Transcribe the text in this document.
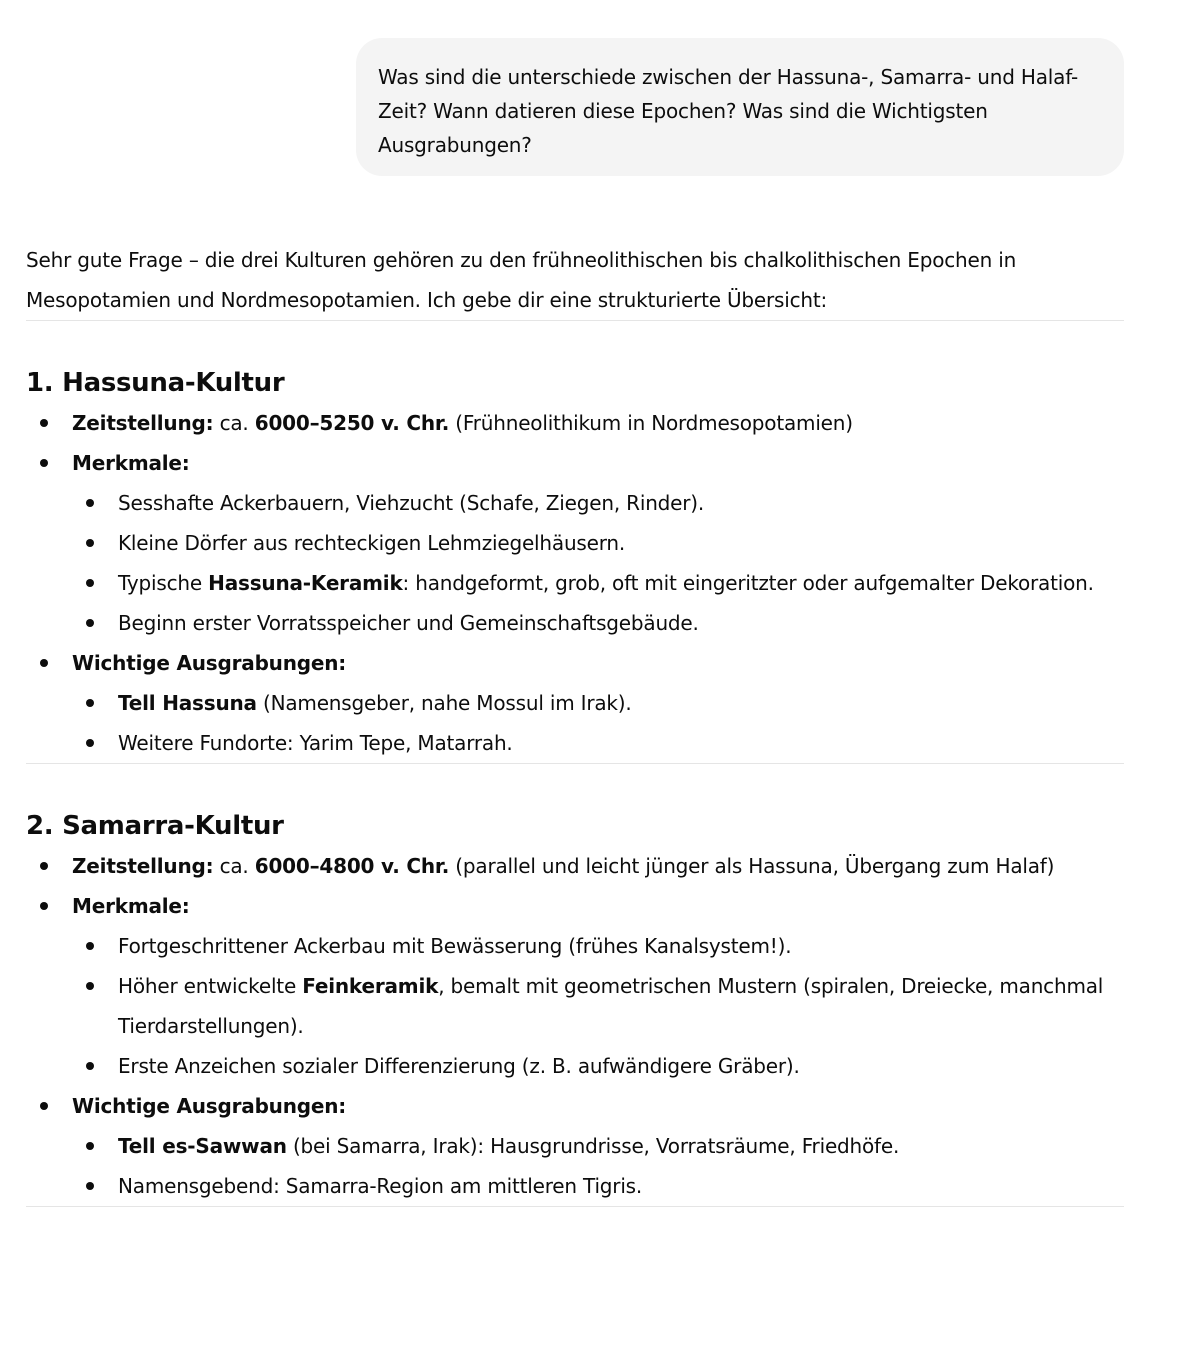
Was sind die unterschiede zwischen der Hassuna-, Samarra- und Halaf-Zeit? Wann datieren diese Epochen? Was sind die Wichtigsten Ausgrabungen?

Sehr gute Frage – die drei Kulturen gehören zu den frühneolithischen bis chalkolithischen Epochen in Mesopotamien und Nordmesopotamien. Ich gebe dir eine strukturierte Übersicht:

1. Hassuna-Kultur
Zeitstellung: ca. 6000–5250 v. Chr. (Frühneolithikum in Nordmesopotamien)
Merkmale:
Sesshafte Ackerbauern, Viehzucht (Schafe, Ziegen, Rinder).
Kleine Dörfer aus rechteckigen Lehmziegelhäusern.
Typische Hassuna-Keramik: handgeformt, grob, oft mit eingeritzter oder aufgemalter Dekoration.
Beginn erster Vorratsspeicher und Gemeinschaftsgebäude.
Wichtige Ausgrabungen:
Tell Hassuna (Namensgeber, nahe Mossul im Irak).
Weitere Fundorte: Yarim Tepe, Matarrah.
2. Samarra-Kultur
Zeitstellung: ca. 6000–4800 v. Chr. (parallel und leicht jünger als Hassuna, Übergang zum Halaf)
Merkmale:
Fortgeschrittener Ackerbau mit Bewässerung (frühes Kanalsystem!).
Höher entwickelte Feinkeramik, bemalt mit geometrischen Mustern (spiralen, Dreiecke, manchmal Tierdarstellungen).
Erste Anzeichen sozialer Differenzierung (z. B. aufwändigere Gräber).
Wichtige Ausgrabungen:
Tell es-Sawwan (bei Samarra, Irak): Hausgrundrisse, Vorratsräume, Friedhöfe.
Namensgebend: Samarra-Region am mittleren Tigris.
